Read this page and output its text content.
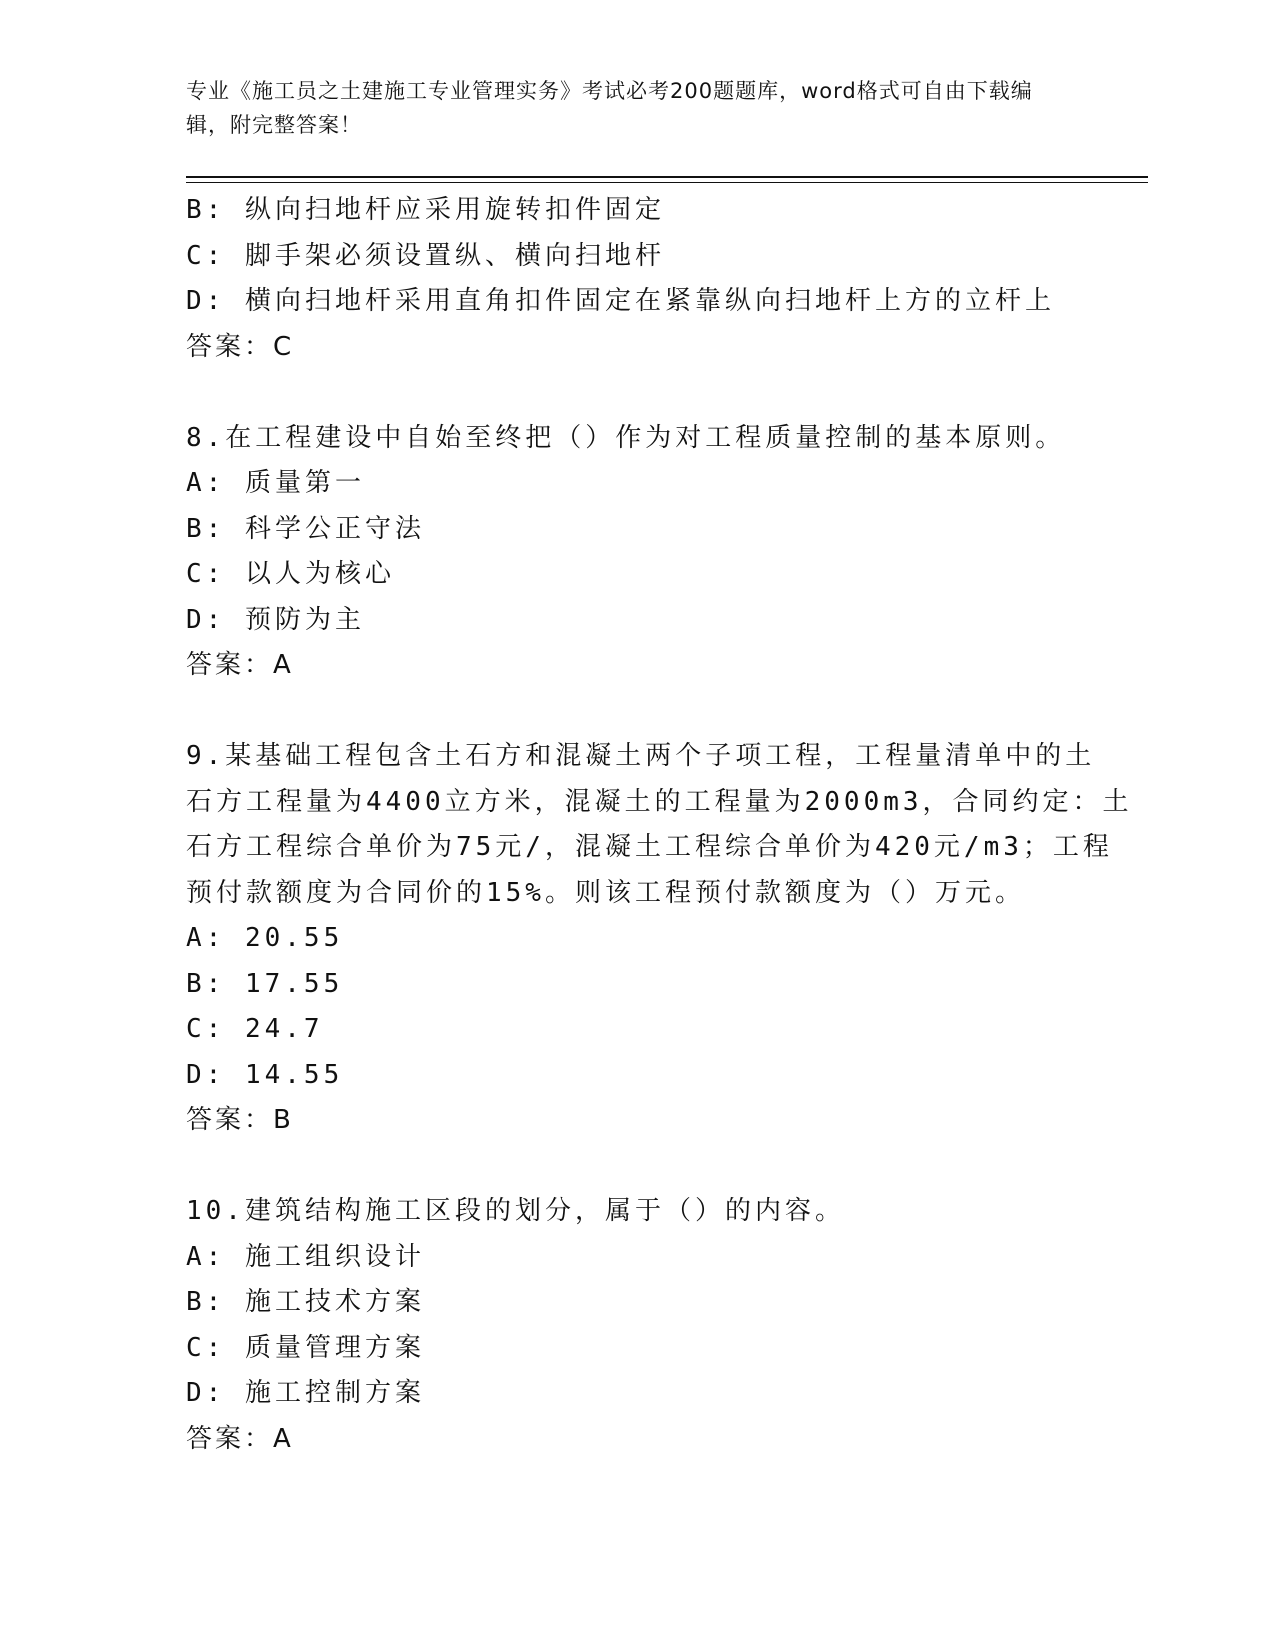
专业《施工员之土建施工专业管理实务》考试必考200题题库，word格式可自由下载编辑，附完整答案！
B: 纵向扫地杆应采用旋转扣件固定
C: 脚手架必须设置纵、横向扫地杆
D: 横向扫地杆采用直角扣件固定在紧靠纵向扫地杆上方的立杆上
答案：C
8.在工程建设中自始至终把（）作为对工程质量控制的基本原则。
A: 质量第一
B: 科学公正守法
C: 以人为核心
D: 预防为主
答案：A
9.某基础工程包含土石方和混凝土两个子项工程，工程量清单中的土
石方工程量为4400立方米，混凝土的工程量为2000m3，合同约定：土
石方工程综合单价为75元/，混凝土工程综合单价为420元/m3；工程
预付款额度为合同价的15%。则该工程预付款额度为（）万元。
A: 20.55
B: 17.55
C: 24.7
D: 14.55
答案：B
10.建筑结构施工区段的划分，属于（）的内容。
A: 施工组织设计
B: 施工技术方案
C: 质量管理方案
D: 施工控制方案
答案：A
